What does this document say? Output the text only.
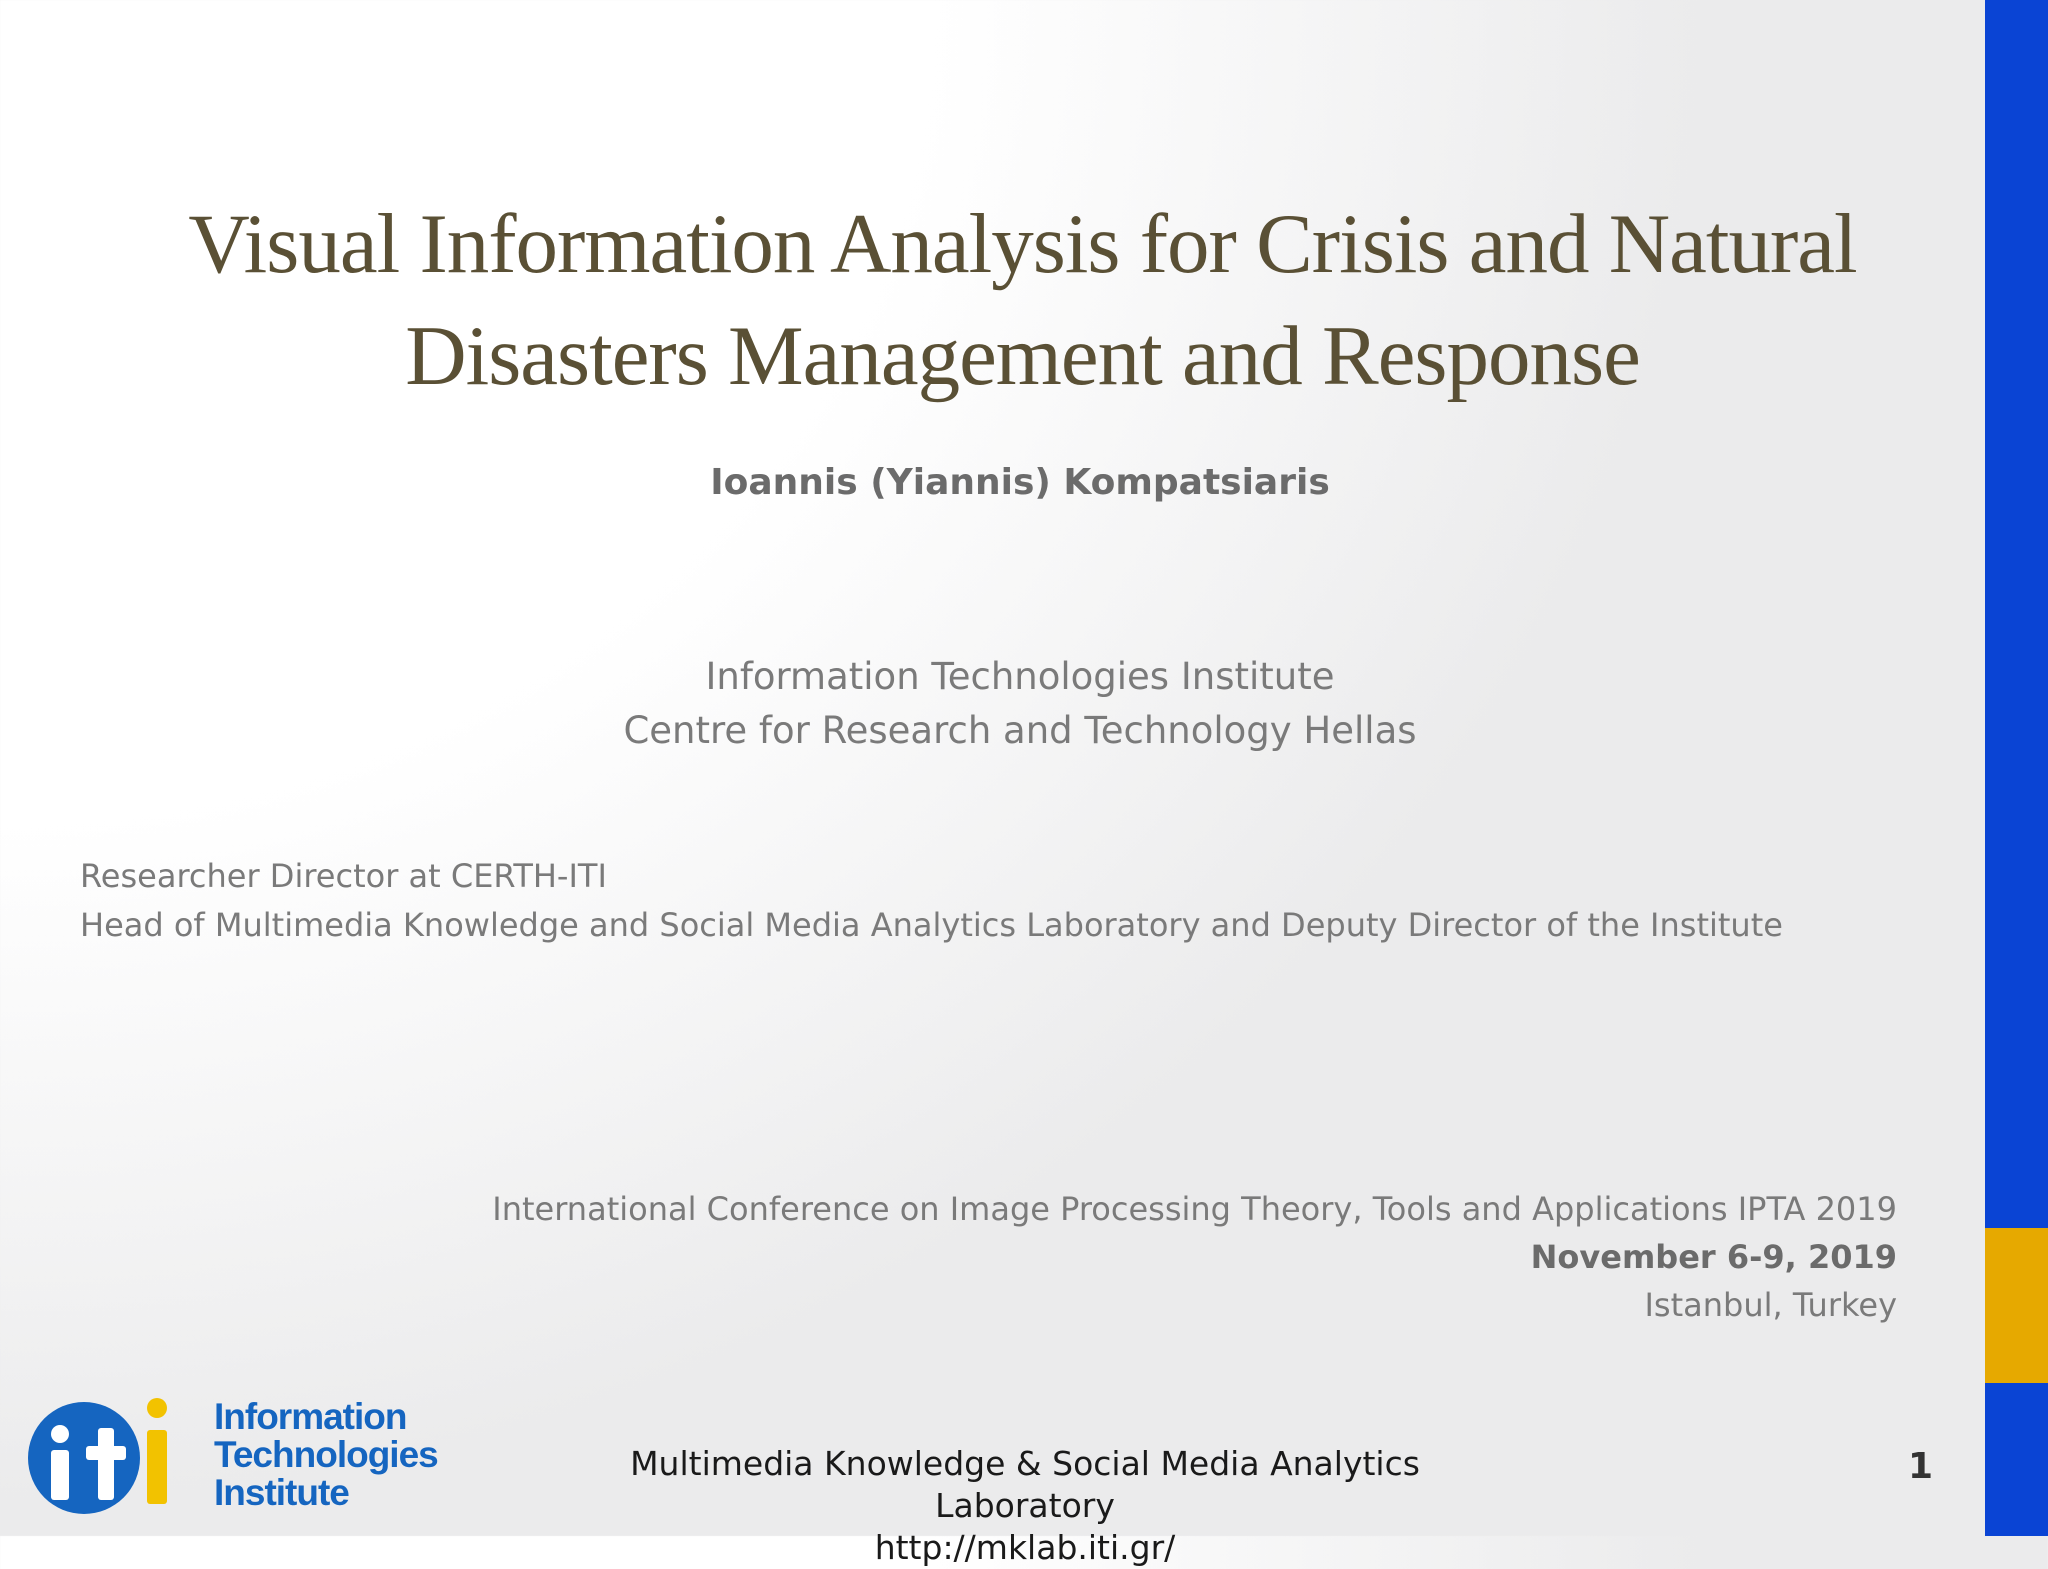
Visual Information Analysis for Crisis and Natural
Disasters Management and Response
Ioannis (Yiannis) Kompatsiaris
Information Technologies Institute
Centre for Research and Technology Hellas
Researcher Director at CERTH-ITI
Head of Multimedia Knowledge and Social Media Analytics Laboratory and Deputy Director of the Institute
International Conference on Image Processing Theory, Tools and Applications IPTA 2019
November 6-9, 2019
Istanbul, Turkey
Multimedia Knowledge & Social Media Analytics Laboratory
http://mklab.iti.gr/
1
Information
Technologies
Institute
